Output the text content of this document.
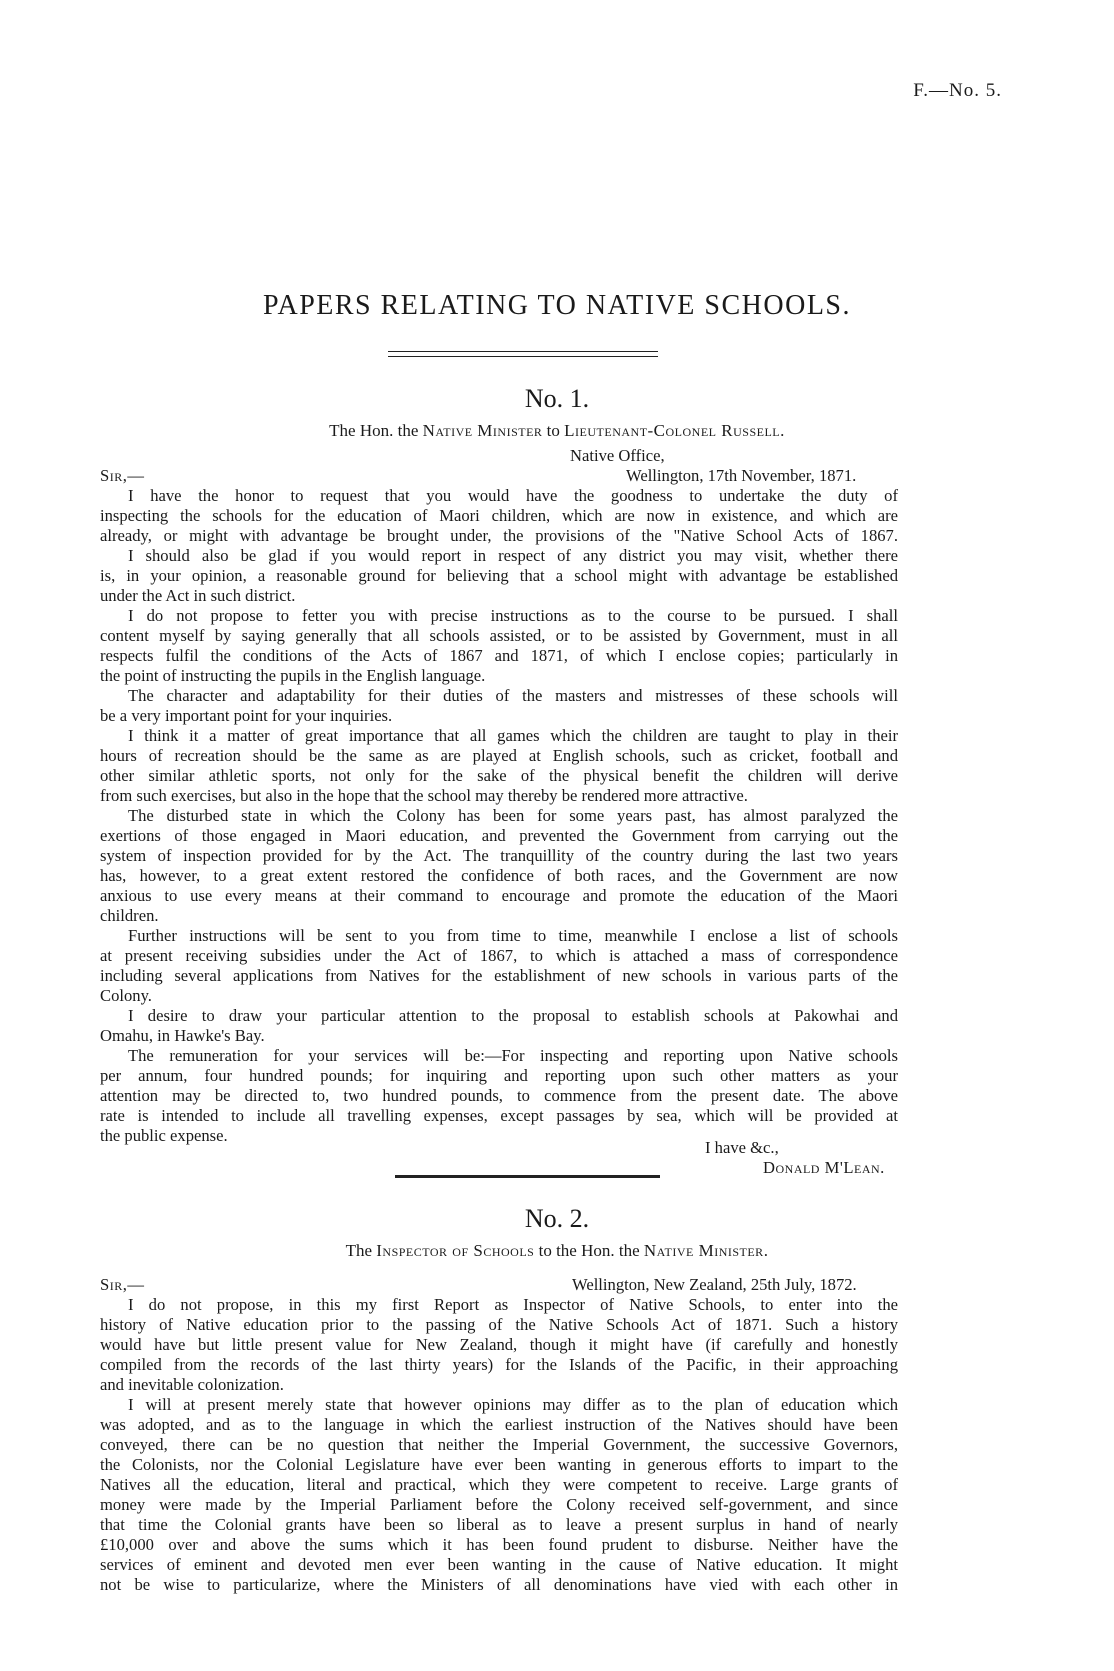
F.—No. 5.
PAPERS RELATING TO NATIVE SCHOOLS.
No. 1.
The Hon. the Native Minister to Lieutenant-Colonel Russell.
Native Office,
Wellington, 17th November, 1871.
Sir,—
I have the honor to request that you would have the goodness to undertake the duty of
inspecting the schools for the education of Maori children, which are now in existence, and which are
already, or might with advantage be brought under, the provisions of the "Native School Acts of 1867.
I should also be glad if you would report in respect of any district you may visit, whether there
is, in your opinion, a reasonable ground for believing that a school might with advantage be established
under the Act in such district.
I do not propose to fetter you with precise instructions as to the course to be pursued. I shall
content myself by saying generally that all schools assisted, or to be assisted by Government, must in all
respects fulfil the conditions of the Acts of 1867 and 1871, of which I enclose copies; particularly in
the point of instructing the pupils in the English language.
The character and adaptability for their duties of the masters and mistresses of these schools will
be a very important point for your inquiries.
I think it a matter of great importance that all games which the children are taught to play in their
hours of recreation should be the same as are played at English schools, such as cricket, football and
other similar athletic sports, not only for the sake of the physical benefit the children will derive
from such exercises, but also in the hope that the school may thereby be rendered more attractive.
The disturbed state in which the Colony has been for some years past, has almost paralyzed the
exertions of those engaged in Maori education, and prevented the Government from carrying out the
system of inspection provided for by the Act. The tranquillity of the country during the last two years
has, however, to a great extent restored the confidence of both races, and the Government are now
anxious to use every means at their command to encourage and promote the education of the Maori
children.
Further instructions will be sent to you from time to time, meanwhile I enclose a list of schools
at present receiving subsidies under the Act of 1867, to which is attached a mass of correspondence
including several applications from Natives for the establishment of new schools in various parts of the
Colony.
I desire to draw your particular attention to the proposal to establish schools at Pakowhai and
Omahu, in Hawke's Bay.
The remuneration for your services will be:—For inspecting and reporting upon Native schools
per annum, four hundred pounds; for inquiring and reporting upon such other matters as your
attention may be directed to, two hundred pounds, to commence from the present date. The above
rate is intended to include all travelling expenses, except passages by sea, which will be provided at
the public expense.
I have &c.,
Donald M'Lean.
No. 2.
The Inspector of Schools to the Hon. the Native Minister.
Sir,—	Wellington, New Zealand, 25th July, 1872.
I do not propose, in this my first Report as Inspector of Native Schools, to enter into the
history of Native education prior to the passing of the Native Schools Act of 1871. Such a history
would have but little present value for New Zealand, though it might have (if carefully and honestly
compiled from the records of the last thirty years) for the Islands of the Pacific, in their approaching
and inevitable colonization.
I will at present merely state that however opinions may differ as to the plan of education which
was adopted, and as to the language in which the earliest instruction of the Natives should have been
conveyed, there can be no question that neither the Imperial Government, the successive Governors,
the Colonists, nor the Colonial Legislature have ever been wanting in generous efforts to impart to the
Natives all the education, literal and practical, which they were competent to receive. Large grants of
money were made by the Imperial Parliament before the Colony received self-government, and since
that time the Colonial grants have been so liberal as to leave a present surplus in hand of nearly
£10,000 over and above the sums which it has been found prudent to disburse. Neither have the
services of eminent and devoted men ever been wanting in the cause of Native education. It might
not be wise to particularize, where the Ministers of all denominations have vied with each other in
